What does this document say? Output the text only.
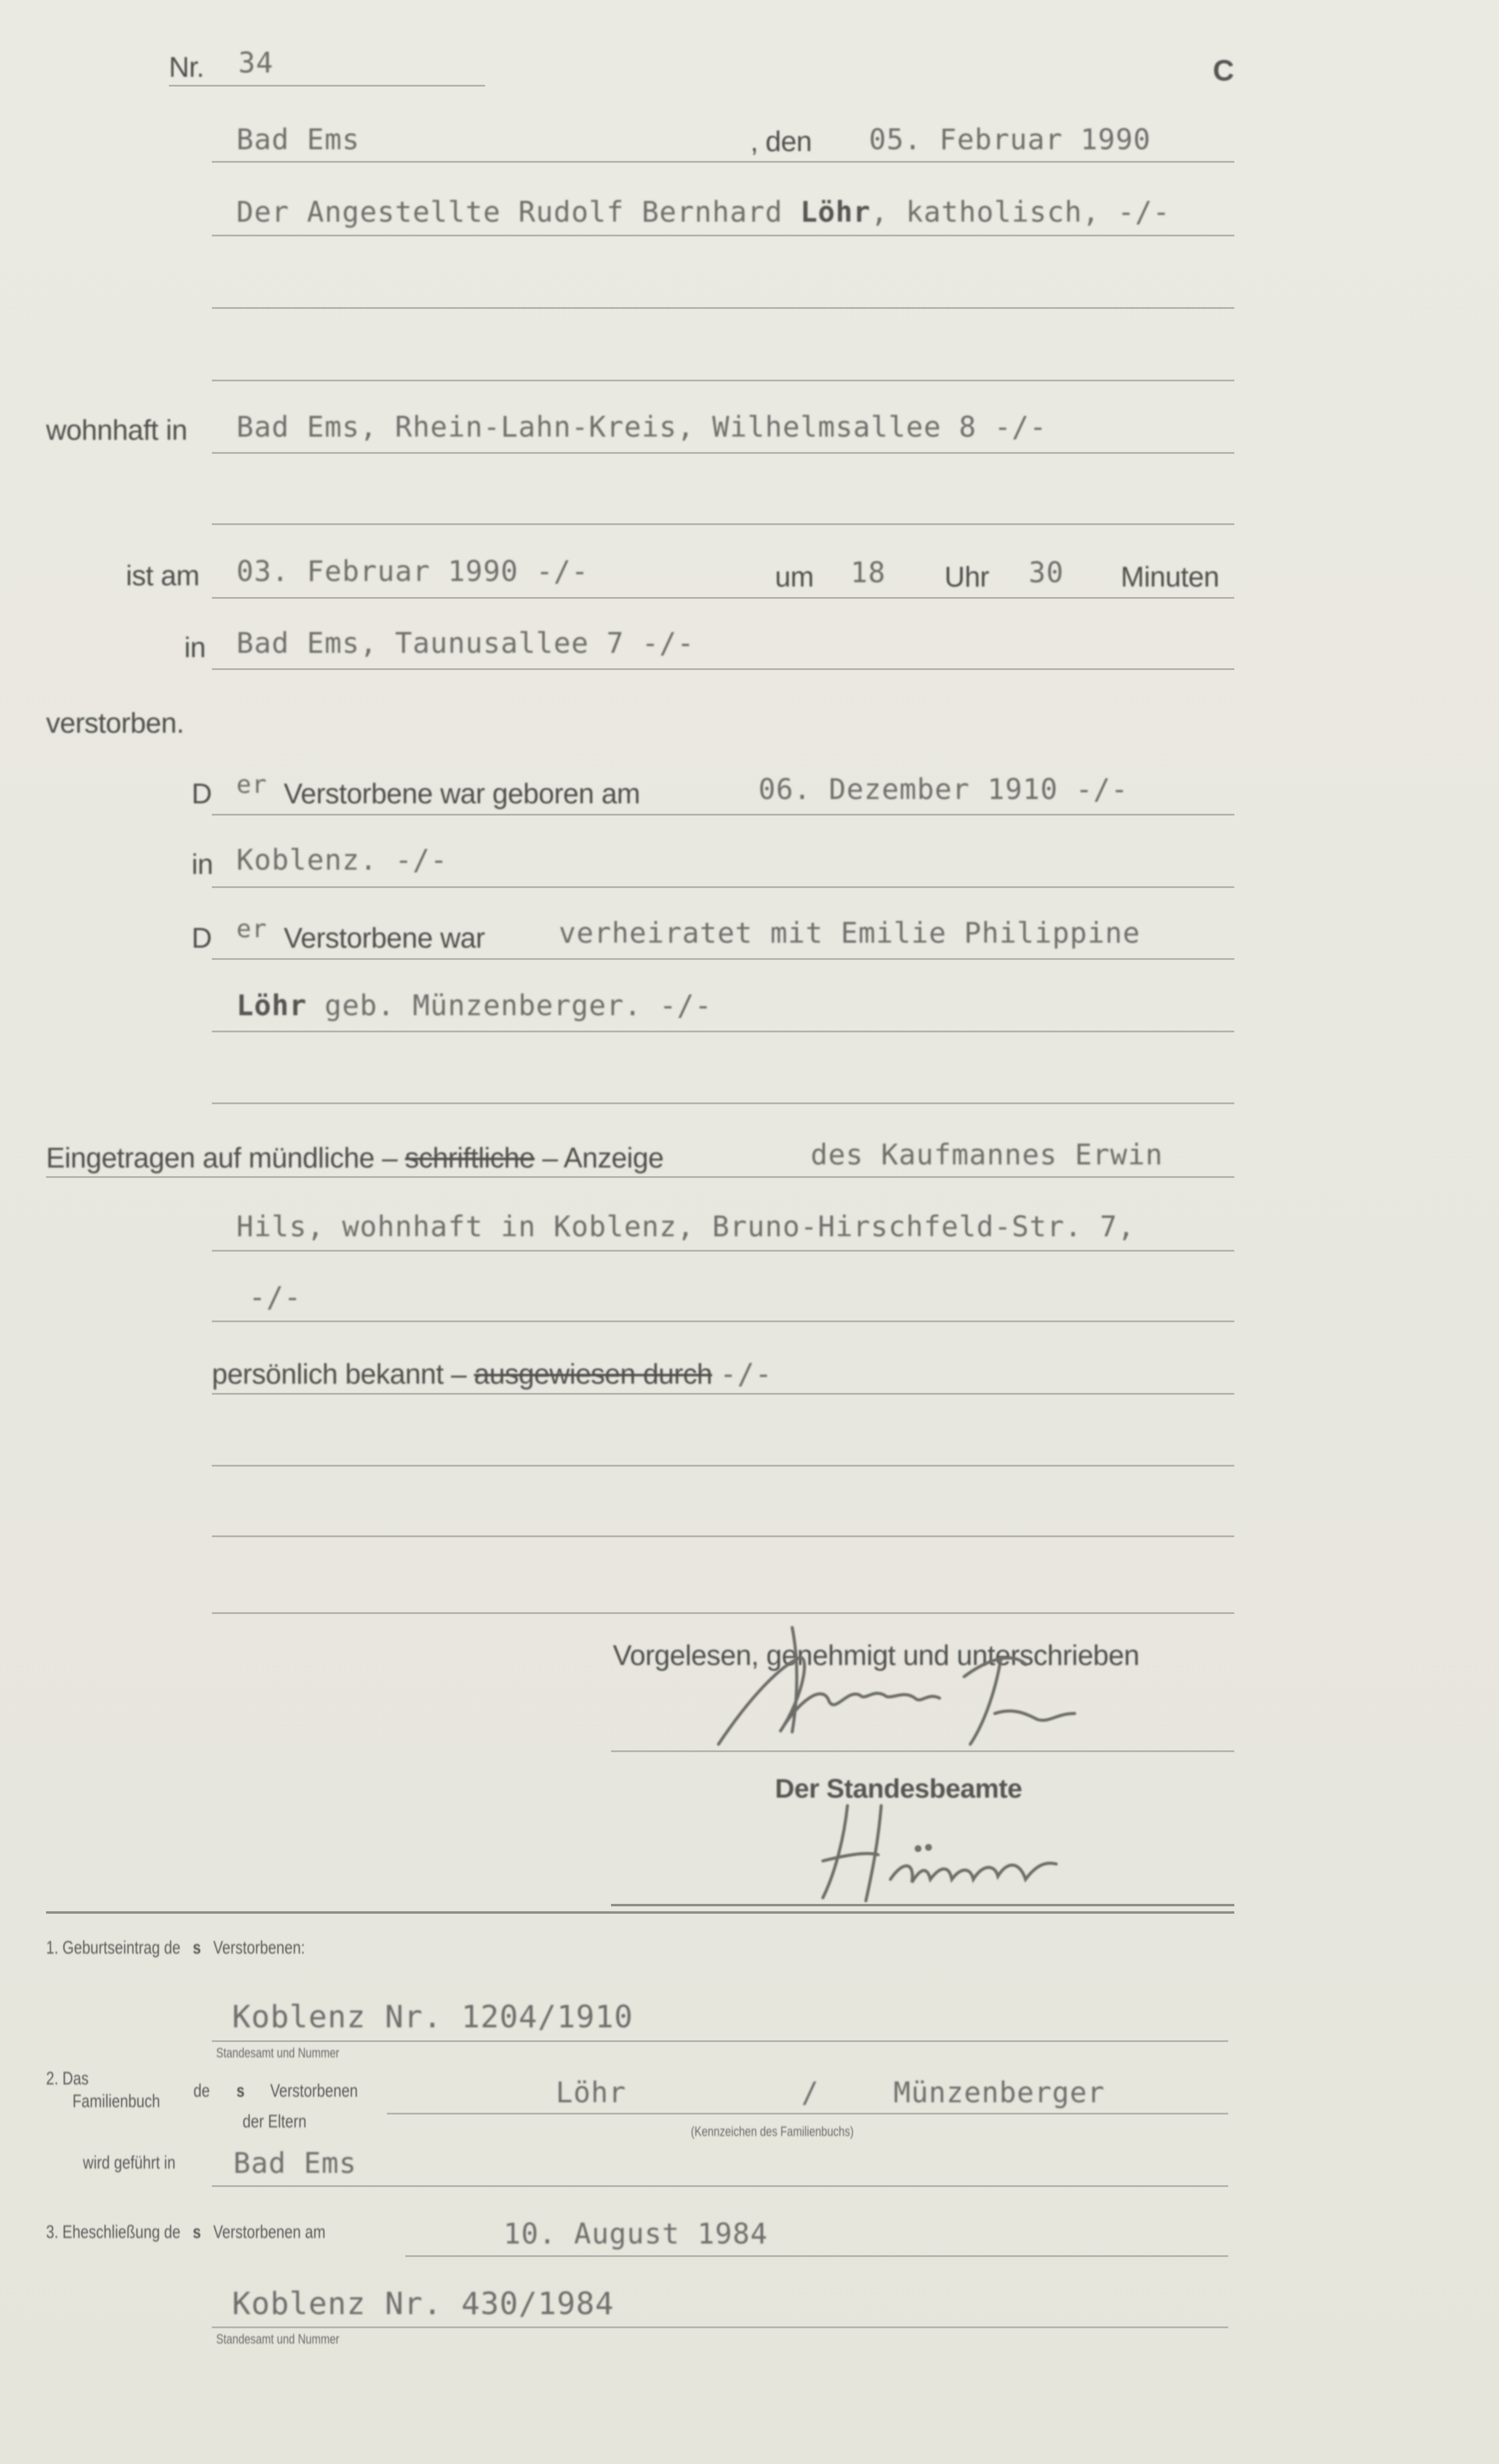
Nr. 34	C
Bad Ems	, den 05. Februar 1990
Der Angestellte Rudolf Bernhard Löhr, katholisch, -/-
wohnhaft in Bad Ems, Rhein-Lahn-Kreis, Wilhelmsallee 8 -/-
ist am 03. Februar 1990 -/-	um 18 Uhr 30 Minuten
in Bad Ems, Taunusallee 7 -/-
verstorben.
D er Verstorbene war geboren am	06. Dezember 1910 -/-
in Koblenz. -/-
D er Verstorbene war	verheiratet mit Emilie Philippine
Löhr geb. Münzenberger. -/-
Eingetragen auf mündliche – schriftliche – Anzeige	des Kaufmannes Erwin
Hils, wohnhaft in Koblenz, Bruno-Hirschfeld-Str. 7,
-/-
persönlich bekannt – ausgewiesen durch -/-
Vorgelesen, genehmigt und unterschrieben
Der Standesbeamte
1. Geburtseintrag de s Verstorbenen:
Koblenz Nr. 1204/1910
Standesamt und Nummer
2. Das
Familienbuch
de s Verstorbenen
der Eltern
Löhr	/	Münzenberger
(Kennzeichen des Familienbuchs)
wird geführt in Bad Ems
3. Eheschließung de s Verstorbenen am	10. August 1984
Koblenz Nr. 430/1984
Standesamt und Nummer
